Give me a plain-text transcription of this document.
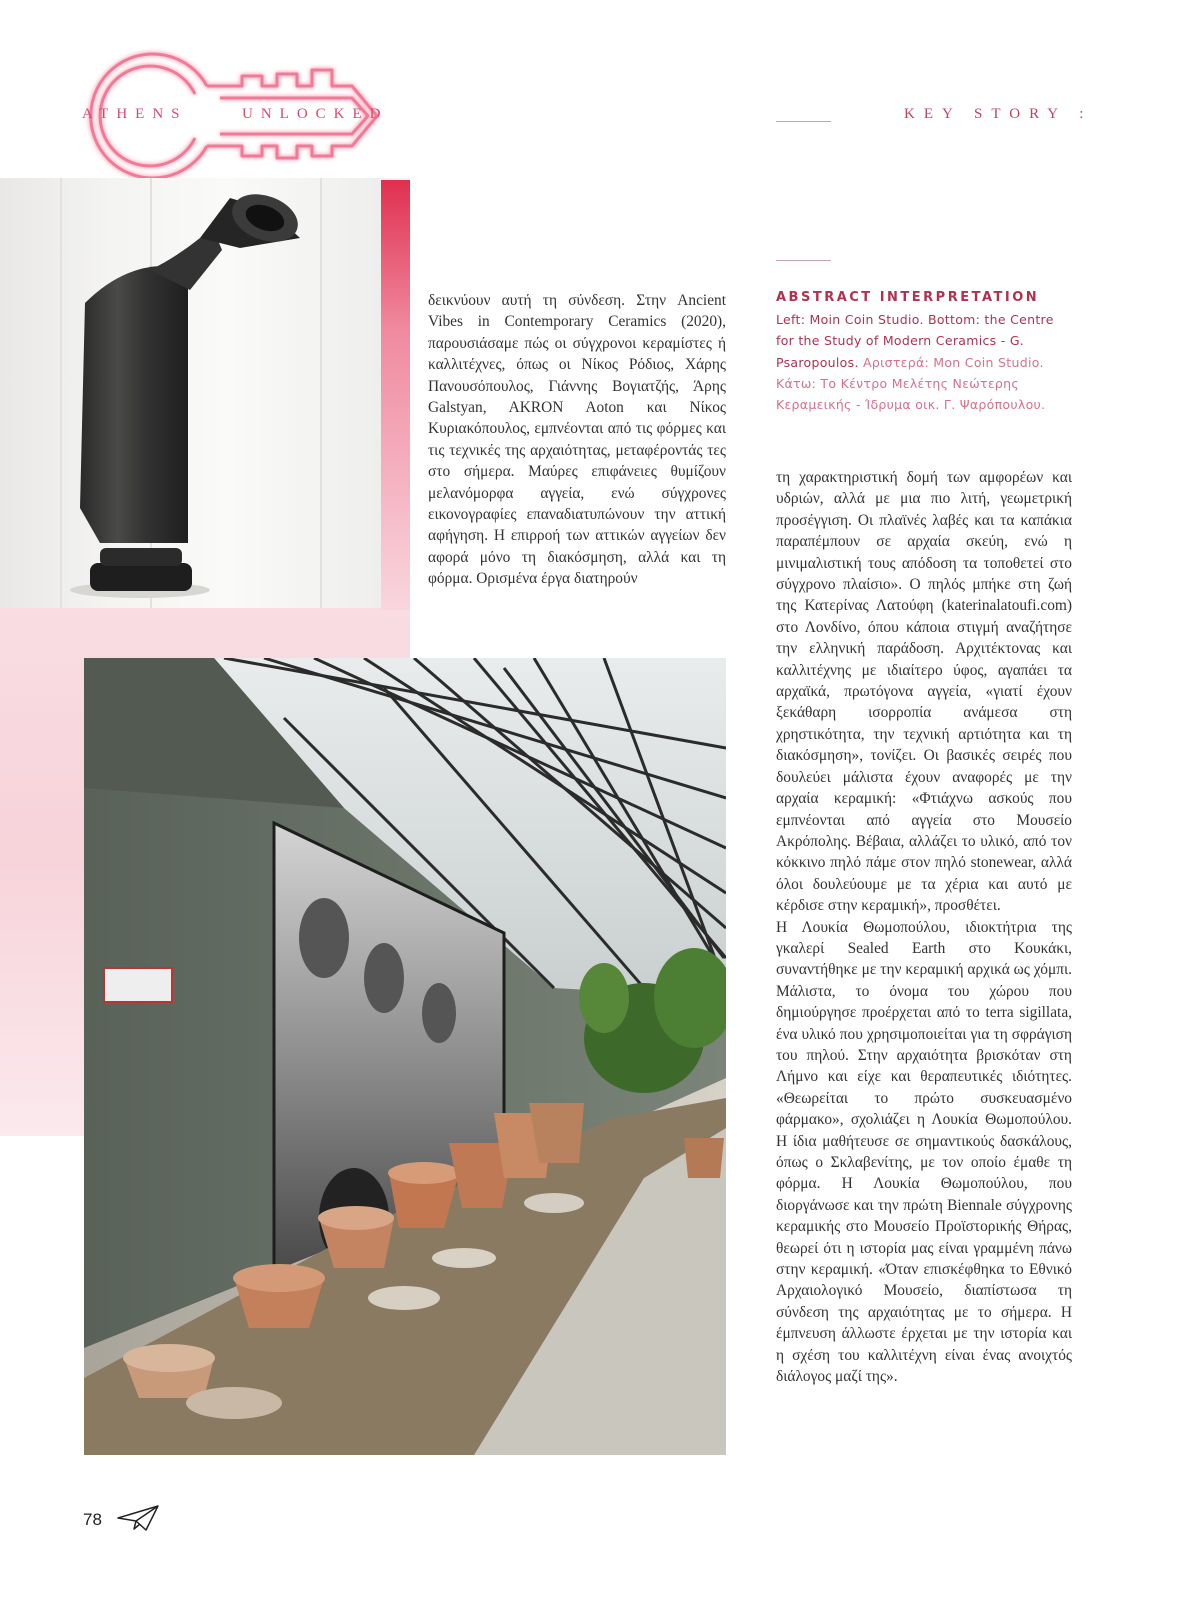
ATHENS	UNLOCKED	KEY STORY :

δεικνύουν αυτή τη σύνδεση. Στην Ancient Vibes in Contemporary Ceramics (2020), παρουσιάσαμε πώς οι σύγχρονοι κεραμίστες ή καλλιτέχνες, όπως οι Νίκος Ρόδιος, Χάρης Πανουσόπουλος, Γιάννης Βογιατζής, Άρης Galstyan, AKRON Aoton και Νίκος Κυριακόπουλος, εμπνέονται από τις φόρμες και τις τεχνικές της αρχαιότητας, μεταφέροντάς τες στο σήμερα. Μαύρες επιφάνειες θυμίζουν μελανόμορφα αγγεία, ενώ σύγχρονες εικονογραφίες επαναδιατυπώνουν την αττική αφήγηση. Η επιρροή των αττικών αγγείων δεν αφορά μόνο τη διακόσμηση, αλλά και τη φόρμα. Ορισμένα έργα διατηρούν

ABSTRACT INTERPRETATION
Left: Moin Coin Studio. Bottom: the Centre for the Study of Modern Ceramics - G. Psaropoulos. Αριστερά: Mon Coin Studio. Κάτω: Το Κέντρο Μελέτης Νεώτερης Κεραμεικής - Ίδρυμα οικ. Γ. Ψαρόπουλου.

τη χαρακτηριστική δομή των αμφορέων και υδριών, αλλά με μια πιο λιτή, γεωμετρική προσέγγιση. Οι πλαϊνές λαβές και τα καπάκια παραπέμπουν σε αρχαία σκεύη, ενώ η μινιμαλιστική τους απόδοση τα τοποθετεί στο σύγχρονο πλαίσιο». Ο πηλός μπήκε στη ζωή της Κατερίνας Λατούφη (katerinalatoufi.com) στο Λονδίνο, όπου κάποια στιγμή αναζήτησε την ελληνική παράδοση. Αρχιτέκτονας και καλλιτέχνης με ιδιαίτερο ύφος, αγαπάει τα αρχαϊκά, πρωτόγονα αγγεία, «γιατί έχουν ξεκάθαρη ισορροπία ανάμεσα στη χρηστικότητα, την τεχνική αρτιότητα και τη διακόσμηση», τονίζει. Οι βασικές σειρές που δουλεύει μάλιστα έχουν αναφορές με την αρχαία κεραμική: «Φτιάχνω ασκούς που εμπνέονται από αγγεία στο Μουσείο Ακρόπολης. Βέβαια, αλλάζει το υλικό, από τον κόκκινο πηλό πάμε στον πηλό stonewear, αλλά όλοι δουλεύουμε με τα χέρια και αυτό με κέρδισε στην κεραμική», προσθέτει.

Η Λουκία Θωμοπούλου, ιδιοκτήτρια της γκαλερί Sealed Earth στο Κουκάκι, συναντήθηκε με την κεραμική αρχικά ως χόμπι. Μάλιστα, το όνομα του χώρου που δημιούργησε προέρχεται από το terra sigillata, ένα υλικό που χρησιμοποιείται για τη σφράγιση του πηλού. Στην αρχαιότητα βρισκόταν στη Λήμνο και είχε και θεραπευτικές ιδιότητες. «Θεωρείται το πρώτο συσκευασμένο φάρμακο», σχολιάζει η Λουκία Θωμοπούλου. Η ίδια μαθήτευσε σε σημαντικούς δασκάλους, όπως ο Σκλαβενίτης, με τον οποίο έμαθε τη φόρμα. Η Λουκία Θωμοπούλου, που διοργάνωσε και την πρώτη Biennale σύγχρονης κεραμικής στο Μουσείο Προϊστορικής Θήρας, θεωρεί ότι η ιστορία μας είναι γραμμένη πάνω στην κεραμική. «Όταν επισκέφθηκα το Εθνικό Αρχαιολογικό Μουσείο, διαπίστωσα τη σύνδεση της αρχαιότητας με το σήμερα. Η έμπνευση άλλωστε έρχεται με την ιστορία και η σχέση του καλλιτέχνη είναι ένας ανοιχτός διάλογος μαζί της».

78
